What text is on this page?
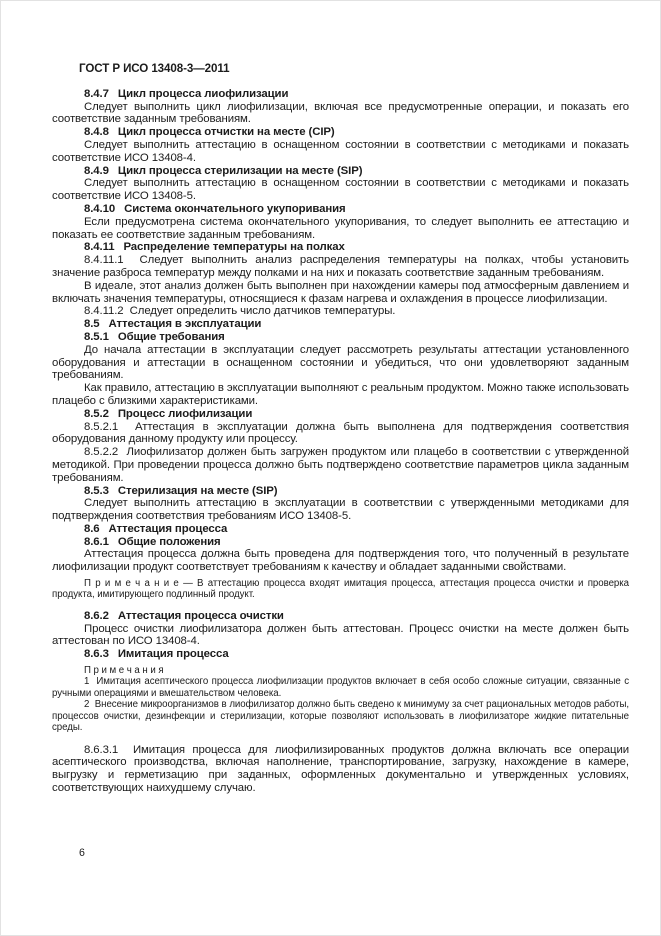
ГОСТ Р ИСО 13408-3—2011

8.4.7 Цикл процесса лиофилизации

Следует выполнить цикл лиофилизации, включая все предусмотренные операции, и показать его соответствие заданным требованиям.

8.4.8 Цикл процесса отчистки на месте (CIP)

Следует выполнить аттестацию в оснащенном состоянии в соответствии с методиками и показать соответствие ИСО 13408-4.

8.4.9 Цикл процесса стерилизации на месте (SIP)

Следует выполнить аттестацию в оснащенном состоянии в соответствии с методиками и показать соответствие ИСО 13408-5.

8.4.10 Система окончательного укупоривания

Если предусмотрена система окончательного укупоривания, то следует выполнить ее аттестацию и показать ее соответствие заданным требованиям.

8.4.11 Распределение температуры на полках

8.4.11.1  Следует выполнить анализ распределения температуры на полках, чтобы установить значение разброса температур между полками и на них и показать соответствие заданным требованиям.

В идеале, этот анализ должен быть выполнен при нахождении камеры под атмосферным давлением и включать значения температуры, относящиеся к фазам нагрева и охлаждения в процессе лиофилизации.

8.4.11.2  Следует определить число датчиков температуры.

8.5 Аттестация в эксплуатации

8.5.1 Общие требования

До начала аттестации в эксплуатации следует рассмотреть результаты аттестации установленного оборудования и аттестации в оснащенном состоянии и убедиться, что они удовлетворяют заданным требованиям.

Как правило, аттестацию в эксплуатации выполняют с реальным продуктом. Можно также использовать плацебо с близкими характеристиками.

8.5.2 Процесс лиофилизации

8.5.2.1  Аттестация в эксплуатации должна быть выполнена для подтверждения соответствия оборудования данному продукту или процессу.

8.5.2.2  Лиофилизатор должен быть загружен продуктом или плацебо в соответствии с утвержденной методикой. При проведении процесса должно быть подтверждено соответствие параметров цикла заданным требованиям.

8.5.3 Стерилизация на месте (SIP)

Следует выполнить аттестацию в эксплуатации в соответствии с утвержденными методиками для подтверждения соответствия требованиям ИСО 13408-5.

8.6 Аттестация процесса

8.6.1 Общие положения

Аттестация процесса должна быть проведена для подтверждения того, что полученный в результате лиофилизации продукт соответствует требованиям к качеству и обладает заданными свойствами.

П р и м е ч а н и е — В аттестацию процесса входят имитация процесса, аттестация процесса очистки и проверка продукта, имитирующего подлинный продукт.

8.6.2 Аттестация процесса очистки

Процесс очистки лиофилизатора должен быть аттестован. Процесс очистки на месте должен быть аттестован по ИСО 13408-4.

8.6.3 Имитация процесса

П р и м е ч а н и я

1  Имитация асептического процесса лиофилизации продуктов включает в себя особо сложные ситуации, связанные с ручными операциями и вмешательством человека.

2  Внесение микроорганизмов в лиофилизатор должно быть сведено к минимуму за счет рациональных методов работы, процессов очистки, дезинфекции и стерилизации, которые позволяют использовать в лиофилизаторе жидкие питательные среды.

8.6.3.1  Имитация процесса для лиофилизированных продуктов должна включать все операции асептического производства, включая наполнение, транспортирование, загрузку, нахождение в камере, выгрузку и герметизацию при заданных, оформленных документально и утвержденных условиях, соответствующих наихудшему случаю.

6
